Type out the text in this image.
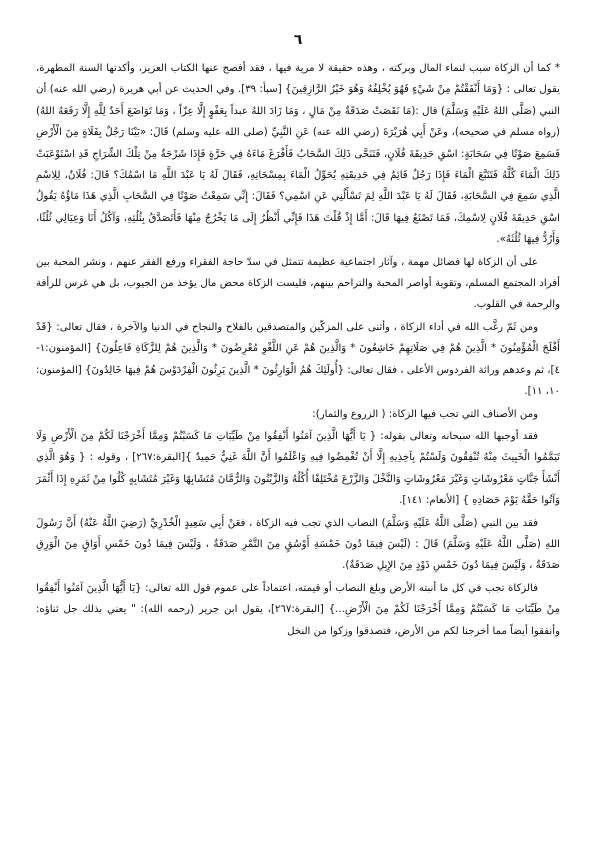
٦

* كما أن الزكاة سبب لنماء المال وبركته ، وهذه حقيقة لا مرية فيها ، فقد أفصح عنها الكتاب العزيز، وأكدتها السنة المطهرة، يقول تعالى : {وَمَا أَنْفَقْتُمْ مِنْ شَيْءٍ فَهُوَ يُخْلِفُهُ وَهُوَ خَيْرُ الرَّازِقِينَ} [سبأ: ٣٩]. وفي الحديث عن أبي هريرة (رضي الله عنه) أن النبي (صَلَّى اللهُ عَلَيْهِ وَسَلَّمَ) قال :(مَا نَقَصَتْ صَدَقَةٌ مِنْ مَالٍ ، وَمَا زَادَ اللهُ عبداً بِعَفْوٍ إِلَّا عِزّاً ، وَمَا تَوَاضَعَ أَحَدٌ لِلَّهِ إِلَّا رَفَعَهُ اللهُ) (رواه مسلم في صحيحه)، وعَنْ أَبِي هُرَيْرَةَ (رضي الله عنه) عَنِ النَّبِيِّ (صلى الله عليه وسلم) قَالَ: «بَيْنَا رَجُلٌ بِفَلَاةٍ مِنَ الْأَرْضِ فَسَمِعَ صَوْتًا فِي سَحَابَةٍ: اسْقِ حَدِيقَةَ فُلَانٍ، فَتَنَحَّى ذَلِكَ السَّحَابُ فَأَفْرَغَ مَاءَهُ فِي حَرَّةٍ فَإِذَا شَرْجَةٌ مِنْ تِلْكَ الشِّرَاجِ قَدِ اسْتَوْعَبَتْ ذَلِكَ الْمَاءَ كُلَّهُ فَتَتَبَّعَ الْمَاءَ فَإِذَا رَجُلٌ قَائِمٌ فِي حَدِيقَتِهِ يُحَوِّلُ الْمَاءَ بِمِسْحَاتِهِ، فَقَالَ لَهُ يَا عَبْدَ اللَّهِ مَا اسْمُكَ؟ قَالَ: فُلَانٌ، لِلِاسْمِ الَّذِي سَمِعَ فِي السَّحَابَةِ، فَقَالَ لَهُ يَا عَبْدَ اللَّهِ لِمَ تَسْأَلُنِي عَنِ اسْمِي؟ فَقَالَ: إِنِّي سَمِعْتُ صَوْتًا فِي السَّحَابِ الَّذِي هَذَا مَاؤُهُ يَقُولُ اسْقِ حَدِيقَةَ فُلَانٍ لِاسْمِكَ، فَمَا تَصْنَعُ فِيهَا قَالَ: أَمَّا إِذْ قُلْتَ هَذَا فَإِنِّي أَنْظُرُ إِلَى مَا يَخْرُجُ مِنْهَا فَأَتَصَدَّقُ بِثُلُثِهِ، وَآكُلُ أَنَا وَعِيَالِي ثُلُثًا، وَأَرُدُّ فِيهَا ثُلُثَهُ».

على أن الزكاة لها فضائل مهمة ، وآثار اجتماعية عظيمة تتمثل في سدّ حاجة الفقراء ورفع الفقر عنهم ، ونشر المحبة بين أفراد المجتمع المسلم، وتقوية أواصر المحبة والتراحم بينهم، فليست الزكاة محض مال يؤخذ من الجيوب، بل هي غرس للرأفة والرحمة في القلوب.

ومن ثَمّ رغَّب الله في أداء الزكاة ، وأثنى على المزكّين والمتصدقين بالفلاح والنجاح في الدنيا والآخرة ، فقال تعالى: {قَدْ أَفْلَحَ الْمُؤْمِنُونَ * الَّذِينَ هُمْ فِي صَلَاتِهِمْ خَاشِعُونَ * وَالَّذِينَ هُمْ عَنِ اللَّغْوِ مُعْرِضُونَ * وَالَّذِينَ هُمْ لِلزَّكَاةِ فَاعِلُونَ} [المؤمنون:١- ٤]، ثم وعدهم وراثة الفردوس الأعلى ، فقال تعالى: {أُولَئِكَ هُمُ الْوَارِثُونَ * الَّذِينَ يَرِثُونَ الْفِرْدَوْسَ هُمْ فِيهَا خَالِدُونَ} [المؤمنون: ١٠، ١١].

ومن الأصناف التي تجب فيها الزكاة: ( الزروع والثمار):

فقد أوجبها الله سبحانه وتعالى بقوله: { يَا أَيُّهَا الَّذِينَ آمَنُوا أَنْفِقُوا مِنْ طَيِّبَاتِ مَا كَسَبْتُمْ وَمِمَّا أَخْرَجْنَا لَكُمْ مِنَ الْأَرْضِ وَلَا تَيَمَّمُوا الْخَبِيثَ مِنْهُ تُنْفِقُونَ وَلَسْتُمْ بِآخِذِيهِ إِلَّا أَنْ تُغْمِضُوا فِيهِ وَاعْلَمُوا أَنَّ اللَّهَ غَنِيٌّ حَمِيدٌ }[البقرة:٢٦٧] ، وقوله : { وَهُوَ الَّذِي أَنْشَأَ جَنَّاتٍ مَعْرُوشَاتٍ وَغَيْرَ مَعْرُوشَاتٍ وَالنَّخْلَ وَالزَّرْعَ مُخْتَلِفًا أُكُلُهُ وَالزَّيْتُونَ وَالرُّمَّانَ مُتَشَابِهًا وَغَيْرَ مُتَشَابِهٍ كُلُوا مِنْ ثَمَرِهِ إِذَا أَثْمَرَ وَآتُوا حَقَّهُ يَوْمَ حَصَادِهِ } [الأنعام: ١٤١].

فقد بين النبي (صَلَّى اللَّهُ عَلَيْهِ وَسَلَّمَ) النصاب الذي تجب فيه الزكاة ، فعَنْ أَبِي سَعِيدٍ الْخُدْرِيِّ (رَضِيَ اللَّهُ عَنْهُ) أَنَّ رَسُولَ اللهِ (صَلَّى اللَّهُ عَلَيْهِ وَسَلَّمَ) قَالَ : (لَيْسَ فِيمَا دُونَ خَمْسَةِ أَوْسُقٍ مِنَ التَّمْرِ صَدَقَةٌ ، وَلَيْسَ فِيمَا دُونَ خَمْسِ أَوَاقٍ مِنَ الْوَرِقِ صَدَقَةٌ ، وَلَيْسَ فِيمَا دُونَ خَمْسِ ذَوْدٍ مِنَ الإِبِلِ صَدَقَةٌ).

فالزكاة تجب في كل ما أنبته الأرض وبلغ النصاب أو قيمته، اعتماداً على عموم قول الله تعالى: {يَا أَيُّهَا الَّذِينَ آمَنُوا أَنْفِقُوا مِنْ طَيِّبَاتِ مَا كَسَبْتُمْ وَمِمَّا أَخْرَجْنَا لَكُمْ مِنَ الْأَرْضِ...} [البقرة:٢٦٧]، يقول ابن جرير (رحمه الله): " يعني بذلك جل ثناؤه: وأنفقوا أيضاً مما أخرجنا لكم من الأرض، فتصدقوا وزكوا من النخل
